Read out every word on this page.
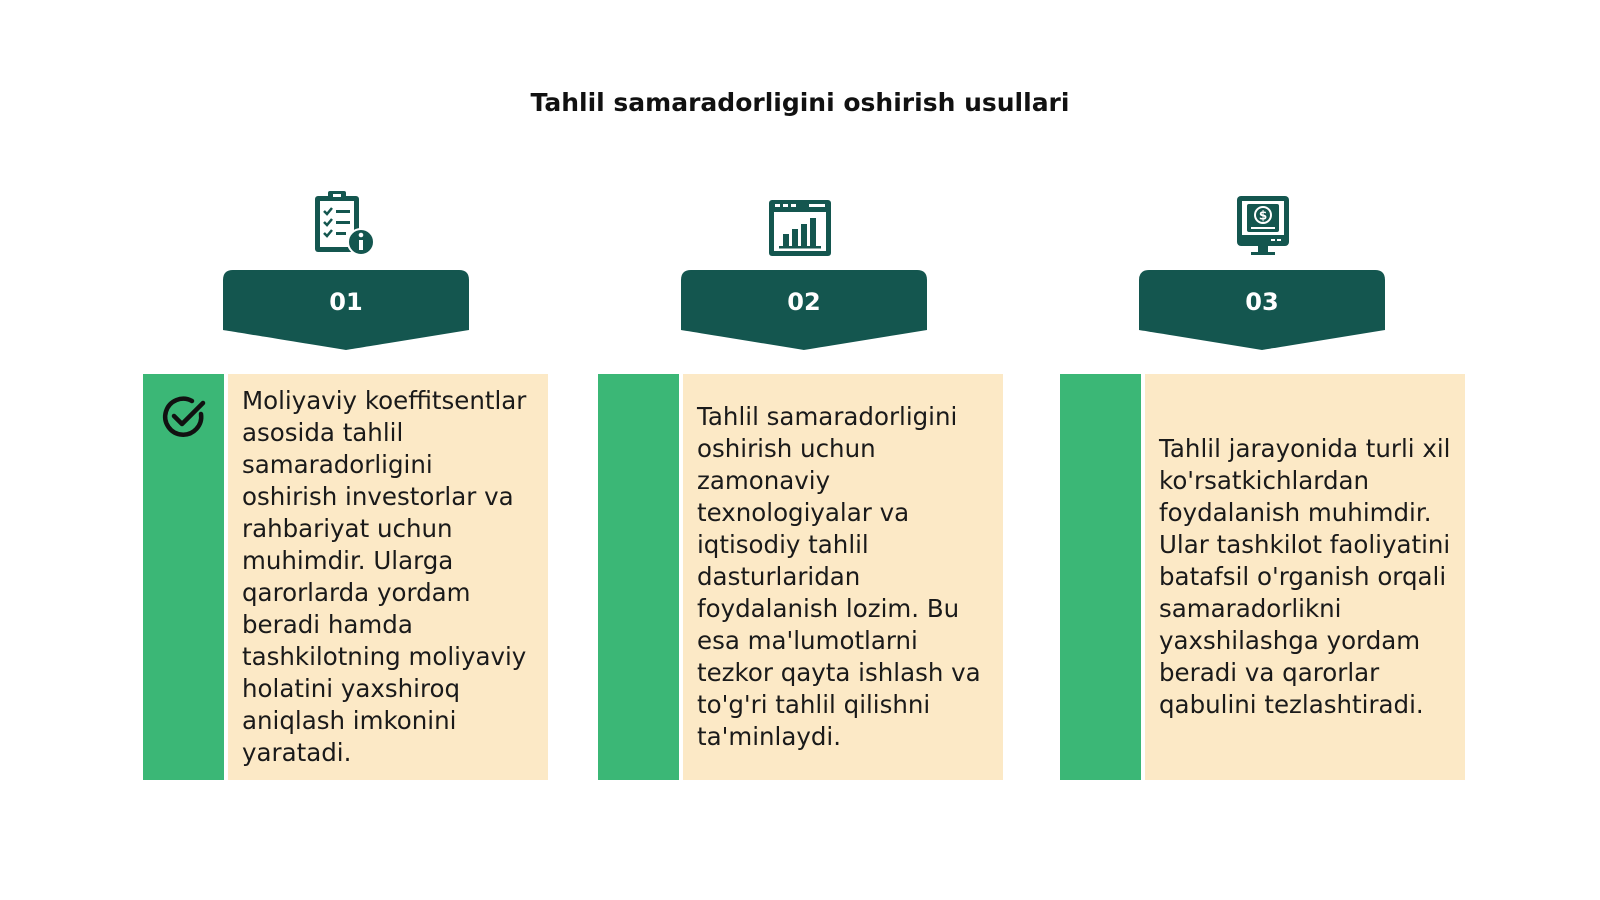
Tahlil samaradorligini oshirish usullari
01

Moliyaviy koeffitsentlar asosida tahlil samaradorligini oshirish investorlar va rahbariyat uchun muhimdir. Ularga qarorlarda yordam beradi hamda tashkilotning moliyaviy holatini yaxshiroq aniqlash imkonini yaratadi.

02

Tahlil samaradorligini oshirish uchun zamonaviy texnologiyalar va iqtisodiy tahlil dasturlaridan foydalanish lozim. Bu esa ma'lumotlarni tezkor qayta ishlash va to'g'ri tahlil qilishni ta'minlaydi.

$
03

Tahlil jarayonida turli xil ko'rsatkichlardan foydalanish muhimdir. Ular tashkilot faoliyatini batafsil o'rganish orqali samaradorlikni yaxshilashga yordam beradi va qarorlar qabulini tezlashtiradi.
